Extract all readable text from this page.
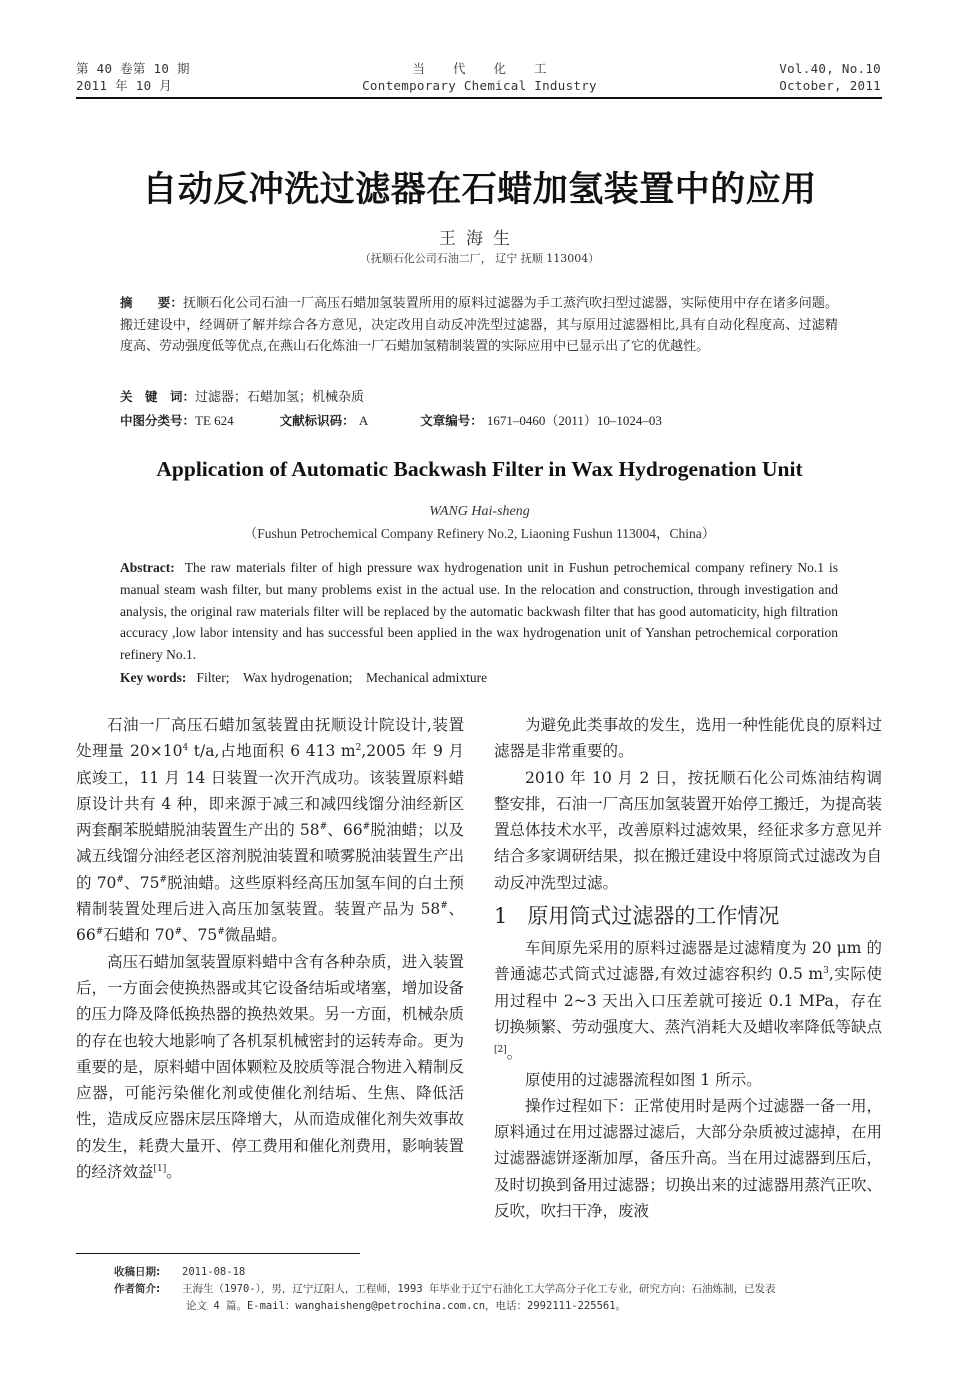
第 40 卷第 10 期
2011 年 10 月
当代化工
Contemporary Chemical Industry
Vol.40, No.10
October, 2011
自动反冲洗过滤器在石蜡加氢装置中的应用
王海生
（抚顺石化公司石油二厂， 辽宁 抚顺 113004）
摘　　要：抚顺石化公司石油一厂高压石蜡加氢装置所用的原料过滤器为手工蒸汽吹扫型过滤器，实际使用中存在诸多问题。搬迁建设中，经调研了解并综合各方意见，决定改用自动反冲洗型过滤器，其与原用过滤器相比,具有自动化程度高、过滤精度高、劳动强度低等优点,在燕山石化炼油一厂石蜡加氢精制装置的实际应用中已显示出了它的优越性。
关　键　词：过滤器；石蜡加氢；机械杂质
中图分类号：TE 624	文献标识码： A	文章编号： 1671–0460（2011）10–1024–03
Application of Automatic Backwash Filter in Wax Hydrogenation Unit
WANG Hai-sheng
（Fushun Petrochemical Company Refinery No.2, Liaoning Fushun 113004，China）
Abstract: The raw materials filter of high pressure wax hydrogenation unit in Fushun petrochemical company refinery No.1 is manual steam wash filter, but many problems exist in the actual use. In the relocation and construction, through investigation and analysis, the original raw materials filter will be replaced by the automatic backwash filter that has good automaticity, high filtration accuracy ,low labor intensity and has successful been applied in the wax hydrogenation unit of Yanshan petrochemical corporation refinery No.1.
Key words: Filter;　Wax hydrogenation;　Mechanical admixture

石油一厂高压石蜡加氢装置由抚顺设计院设计,装置处理量 $20\times 10^4$ t/a,占地面积 6 413 $m^2,2005$ 年 9 月底竣工，11 月 14 日装置一次开汽成功。该装置原料蜡原设计共有 4 种，即来源于减三和减四线馏分油经新区两套酮苯脱蜡脱油装置生产出的 58#、66#脱油蜡；以及减五线馏分油经老区溶剂脱油装置和喷雾脱油装置生产出的 70#、75#脱油蜡。这些原料经高压加氢车间的白土预精制装置处理后进入高压加氢装置。装置产品为 58#、66#石蜡和 70#、75#微晶蜡。

高压石蜡加氢装置原料蜡中含有各种杂质，进入装置后，一方面会使换热器或其它设备结垢或堵塞，增加设备的压力降及降低换热器的换热效果。另一方面，机械杂质的存在也较大地影响了各机泵机械密封的运转寿命。更为重要的是，原料蜡中固体颗粒及胶质等混合物进入精制反应器，可能污染催化剂或使催化剂结垢、生焦、降低活性，造成反应器床层压降增大，从而造成催化剂失效事故的发生，耗费大量开、停工费用和催化剂费用，影响装置的经济效益[1]。

为避免此类事故的发生，选用一种性能优良的原料过滤器是非常重要的。

2010 年 10 月 2 日，按抚顺石化公司炼油结构调整安排，石油一厂高压加氢装置开始停工搬迁，为提高装置总体技术水平，改善原料过滤效果，经征求多方意见并结合多家调研结果，拟在搬迁建设中将原筒式过滤改为自动反冲洗型过滤。

1 原用筒式过滤器的工作情况

车间原先采用的原料过滤器是过滤精度为 20 μm 的普通滤芯式筒式过滤器,有效过滤容积约 0.5 $m^3$,实际使用过程中 2~3 天出入口压差就可接近 0.1 MPa，存在切换频繁、劳动强度大、蒸汽消耗大及蜡收率降低等缺点[2]。

原使用的过滤器流程如图 1 所示。

操作过程如下：正常使用时是两个过滤器一备一用，原料通过在用过滤器过滤后，大部分杂质被过滤掉，在用过滤器滤饼逐渐加厚，备压升高。当在用过滤器到压后，及时切换到备用过滤器；切换出来的过滤器用蒸汽正吹、反吹，吹扫干净，废液

收稿日期: 2011-08-18
作者简介: 王海生（1970-），男，辽宁辽阳人，工程师，1993 年毕业于辽宁石油化工大学高分子化工专业，研究方向：石油炼制，已发表
论文 4 篇。E-mail：wanghaisheng@petrochina.com.cn，电话：2992111-225561。
